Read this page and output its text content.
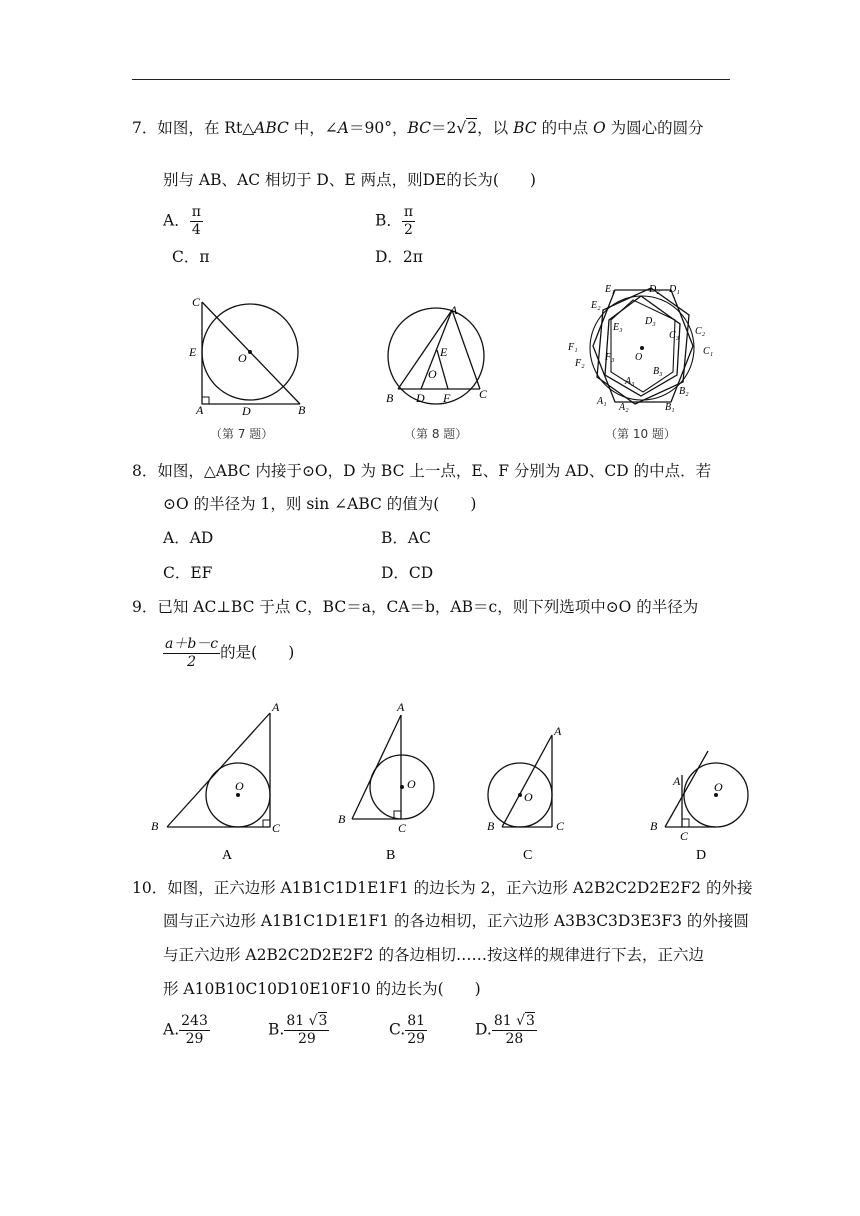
7．如图，在 Rt△ABC 中，∠A＝90°，BC＝2√2，以 BC 的中点 O 为圆心的圆分
别与 AB、AC 相切于 D、E 两点，则DE的长为(　　)
A． $\frac{\pi}{4}$	B． $\frac{\pi}{2}$
C．π	D．2π
C
E	O
A	D	B
（第 7 题）
A
E
O
B D F C
（第 8 题）
E₁	D₂ D₁
E₂
E₃
D₃
C₃ C₂
C₁
F₁
F₂
F₃ O
B₃
B₂
A₃
A₁
A₂	B₁
（第 10 题）
8．如图，△ABC 内接于⊙O，D 为 BC 上一点，E、F 分别为 AD、CD 的中点．若
⊙O 的半径为 1，则 sin ∠ABC 的值为(　　)
A．AD	B．AC
C．EF	D．CD
9．已知 AC⊥BC 于点 C，BC＝a，CA＝b，AB＝c，则下列选项中⊙O 的半径为
$\frac{a+b-c}{2}$ 的是(　　)
A
O
B	C
A
A
O
B
C
B
A
O
B	C
C
A	O
B
C
D
10．如图，正六边形 A1B1C1D1E1F1 的边长为 2，正六边形 A2B2C2D2E2F2 的外接
圆与正六边形 A1B1C1D1E1F1 的各边相切，正六边形 A3B3C3D3E3F3 的外接圆
与正六边形 A2B2C2D2E2F2 的各边相切……按这样的规律进行下去，正六边
形 A10B10C10D10E10F10 的边长为(　　)
A. $\frac{243}{29}$	B. $\frac{81 √3}{29}$	C. $\frac{81}{29}$	D. $\frac{81 √3}{28}$
